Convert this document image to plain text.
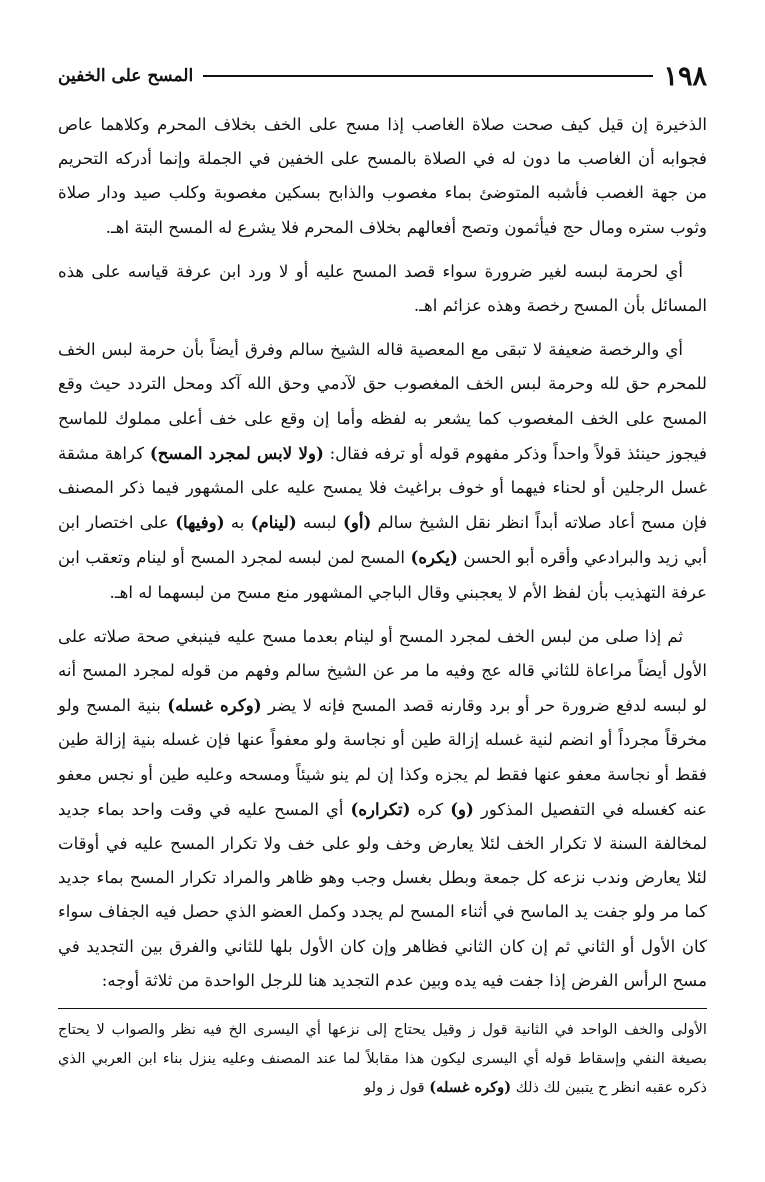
١٩٨
المسح على الخفين

الذخيرة إن قيل كيف صحت صلاة الغاصب إذا مسح على الخف بخلاف المحرم وكلاهما عاص فجوابه أن الغاصب ما دون له في الصلاة بالمسح على الخفين في الجملة وإنما أدركه التحريم من جهة الغصب فأشبه المتوضئ بماء مغصوب والذابح بسكين مغصوبة وكلب صيد ودار صلاة وثوب ستره ومال حج فيأثمون وتصح أفعالهم بخلاف المحرم فلا يشرع له المسح البتة اهـ.

أي لحرمة لبسه لغير ضرورة سواء قصد المسح عليه أو لا ورد ابن عرفة قياسه على هذه المسائل بأن المسح رخصة وهذه عزائم اهـ.

أي والرخصة ضعيفة لا تبقى مع المعصية قاله الشيخ سالم وفرق أيضاً بأن حرمة لبس الخف للمحرم حق لله وحرمة لبس الخف المغصوب حق لآدمي وحق الله آكد ومحل التردد حيث وقع المسح على الخف المغصوب كما يشعر به لفظه وأما إن وقع على خف أعلى مملوك للماسح فيجوز حينئذ قولاً واحداً وذكر مفهوم قوله أو ترفه فقال: (ولا لابس لمجرد المسح) كراهة مشقة غسل الرجلين أو لحناء فيهما أو خوف براغيث فلا يمسح عليه على المشهور فيما ذكر المصنف فإن مسح أعاد صلاته أبداً انظر نقل الشيخ سالم (أو) لبسه (لينام) به (وفيها) على اختصار ابن أبي زيد والبرادعي وأقره أبو الحسن (يكره) المسح لمن لبسه لمجرد المسح أو لينام وتعقب ابن عرفة التهذيب بأن لفظ الأم لا يعجبني وقال الباجي المشهور منع مسح من لبسهما له اهـ.

ثم إذا صلى من لبس الخف لمجرد المسح أو لينام بعدما مسح عليه فينبغي صحة صلاته على الأول أيضاً مراعاة للثاني قاله عج وفيه ما مر عن الشيخ سالم وفهم من قوله لمجرد المسح أنه لو لبسه لدفع ضرورة حر أو برد وقارنه قصد المسح فإنه لا يضر (وكره غسله) بنية المسح ولو مخرقاً مجرداً أو انضم لنية غسله إزالة طين أو نجاسة ولو معفواً عنها فإن غسله بنية إزالة طين فقط أو نجاسة معفو عنها فقط لم يجزه وكذا إن لم ينو شيئاً ومسحه وعليه طين أو نجس معفو عنه كغسله في التفصيل المذكور (و) كره (تكراره) أي المسح عليه في وقت واحد بماء جديد لمخالفة السنة لا تكرار الخف لئلا يعارض وخف ولو على خف ولا تكرار المسح عليه في أوقات لئلا يعارض وندب نزعه كل جمعة وبطل بغسل وجب وهو ظاهر والمراد تكرار المسح بماء جديد كما مر ولو جفت يد الماسح في أثناء المسح لم يجدد وكمل العضو الذي حصل فيه الجفاف سواء كان الأول أو الثاني ثم إن كان الثاني فظاهر وإن كان الأول بلها للثاني والفرق بين التجديد في مسح الرأس الفرض إذا جفت فيه يده وبين عدم التجديد هنا للرجل الواحدة من ثلاثة أوجه:

الأولى والخف الواحد في الثانية قول ز وقيل يحتاج إلى نزعها أي اليسرى الخ فيه نظر والصواب لا يحتاج بصيغة النفي وإسقاط قوله أي اليسرى ليكون هذا مقابلاً لما عند المصنف وعليه ينزل بناء ابن العربي الذي ذكره عقبه انظر ح يتبين لك ذلك (وكره غسله) قول ز ولو
